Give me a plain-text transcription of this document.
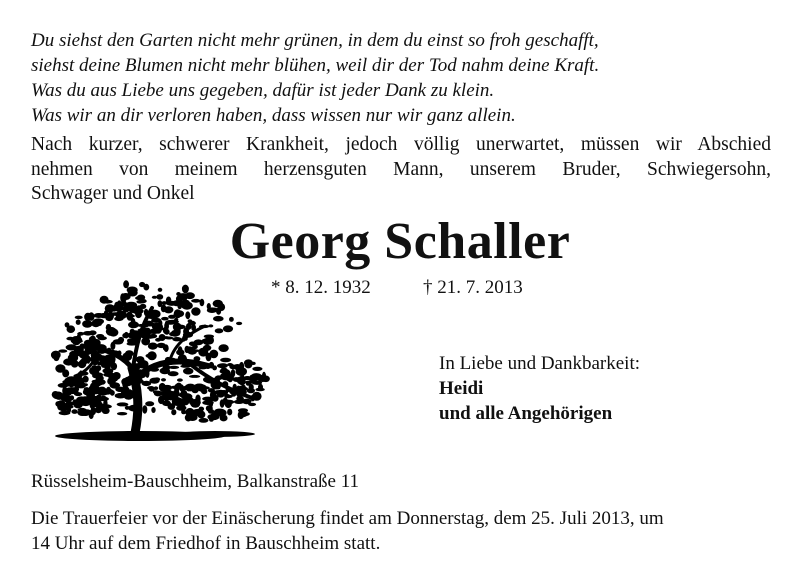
Du siehst den Garten nicht mehr grünen, in dem du einst so froh geschafft,
siehst deine Blumen nicht mehr blühen, weil dir der Tod nahm deine Kraft.
Was du aus Liebe uns gegeben, dafür ist jeder Dank zu klein.
Was wir an dir verloren haben, dass wissen nur wir ganz allein.
Nach kurzer, schwerer Krankheit, jedoch völlig unerwartet, müssen wir Abschied
nehmen von meinem herzensguten Mann, unserem Bruder, Schwiegersohn,
Schwager und Onkel
Georg Schaller
* 8. 12. 1932	† 21. 7. 2013
In Liebe und Dankbarkeit:
Heidi
und alle Angehörigen
Rüsselsheim-Bauschheim, Balkanstraße 11
Die Trauerfeier vor der Einäscherung findet am Donnerstag, dem 25. Juli 2013, um
14 Uhr auf dem Friedhof in Bauschheim statt.
